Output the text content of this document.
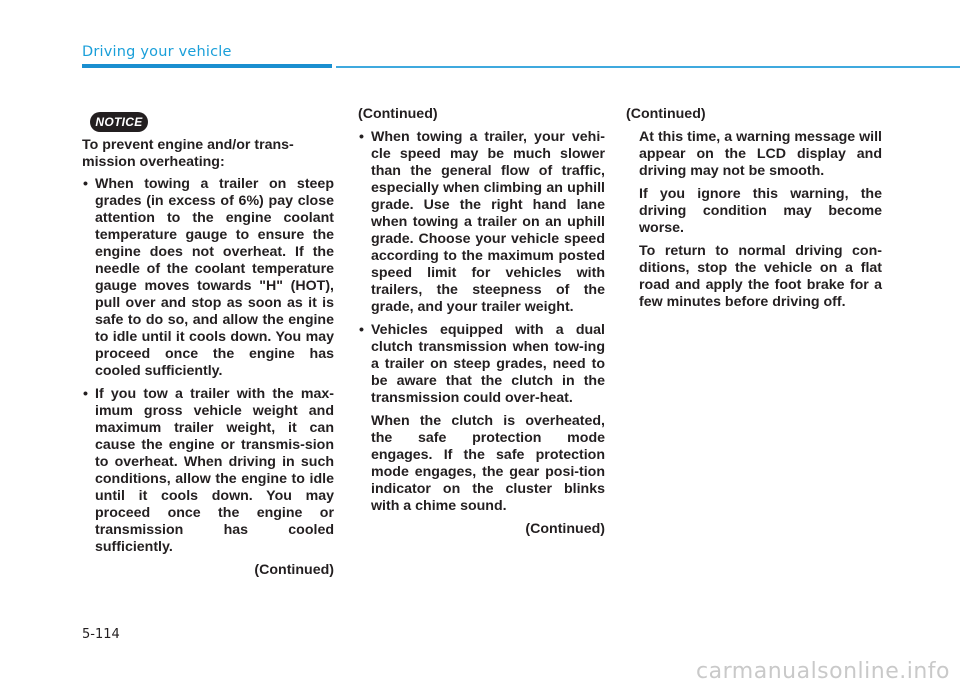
Driving your vehicle
NOTICE

To prevent engine and/or trans-mission overheating:

• When towing a trailer on steep grades (in excess of 6%) pay close attention to the engine coolant temperature gauge to ensure the engine does not overheat. If the needle of the coolant temperature gauge moves towards "H" (HOT), pull over and stop as soon as it is safe to do so, and allow the engine to idle until it cools down. You may proceed once the engine has cooled sufficiently.
• If you tow a trailer with the max-imum gross vehicle weight and maximum trailer weight, it can cause the engine or transmis-sion to overheat. When driving in such conditions, allow the engine to idle until it cools down. You may proceed once the engine or transmission has cooled sufficiently.

(Continued)

(Continued)

• When towing a trailer, your vehi-cle speed may be much slower than the general flow of traffic, especially when climbing an uphill grade. Use the right hand lane when towing a trailer on an uphill grade. Choose your vehicle speed according to the maximum posted speed limit for vehicles with trailers, the steepness of the grade, and your trailer weight.
• Vehicles equipped with a dual clutch transmission when tow-ing a trailer on steep grades, need to be aware that the clutch in the transmission could over-heat.

When the clutch is overheated, the safe protection mode engages. If the safe protection mode engages, the gear posi-tion indicator on the cluster blinks with a chime sound.

(Continued)

(Continued)

At this time, a warning message will appear on the LCD display and driving may not be smooth.

If you ignore this warning, the driving condition may become worse.

To return to normal driving con-ditions, stop the vehicle on a flat road and apply the foot brake for a few minutes before driving off.

5-114
carmanualsonline.info
